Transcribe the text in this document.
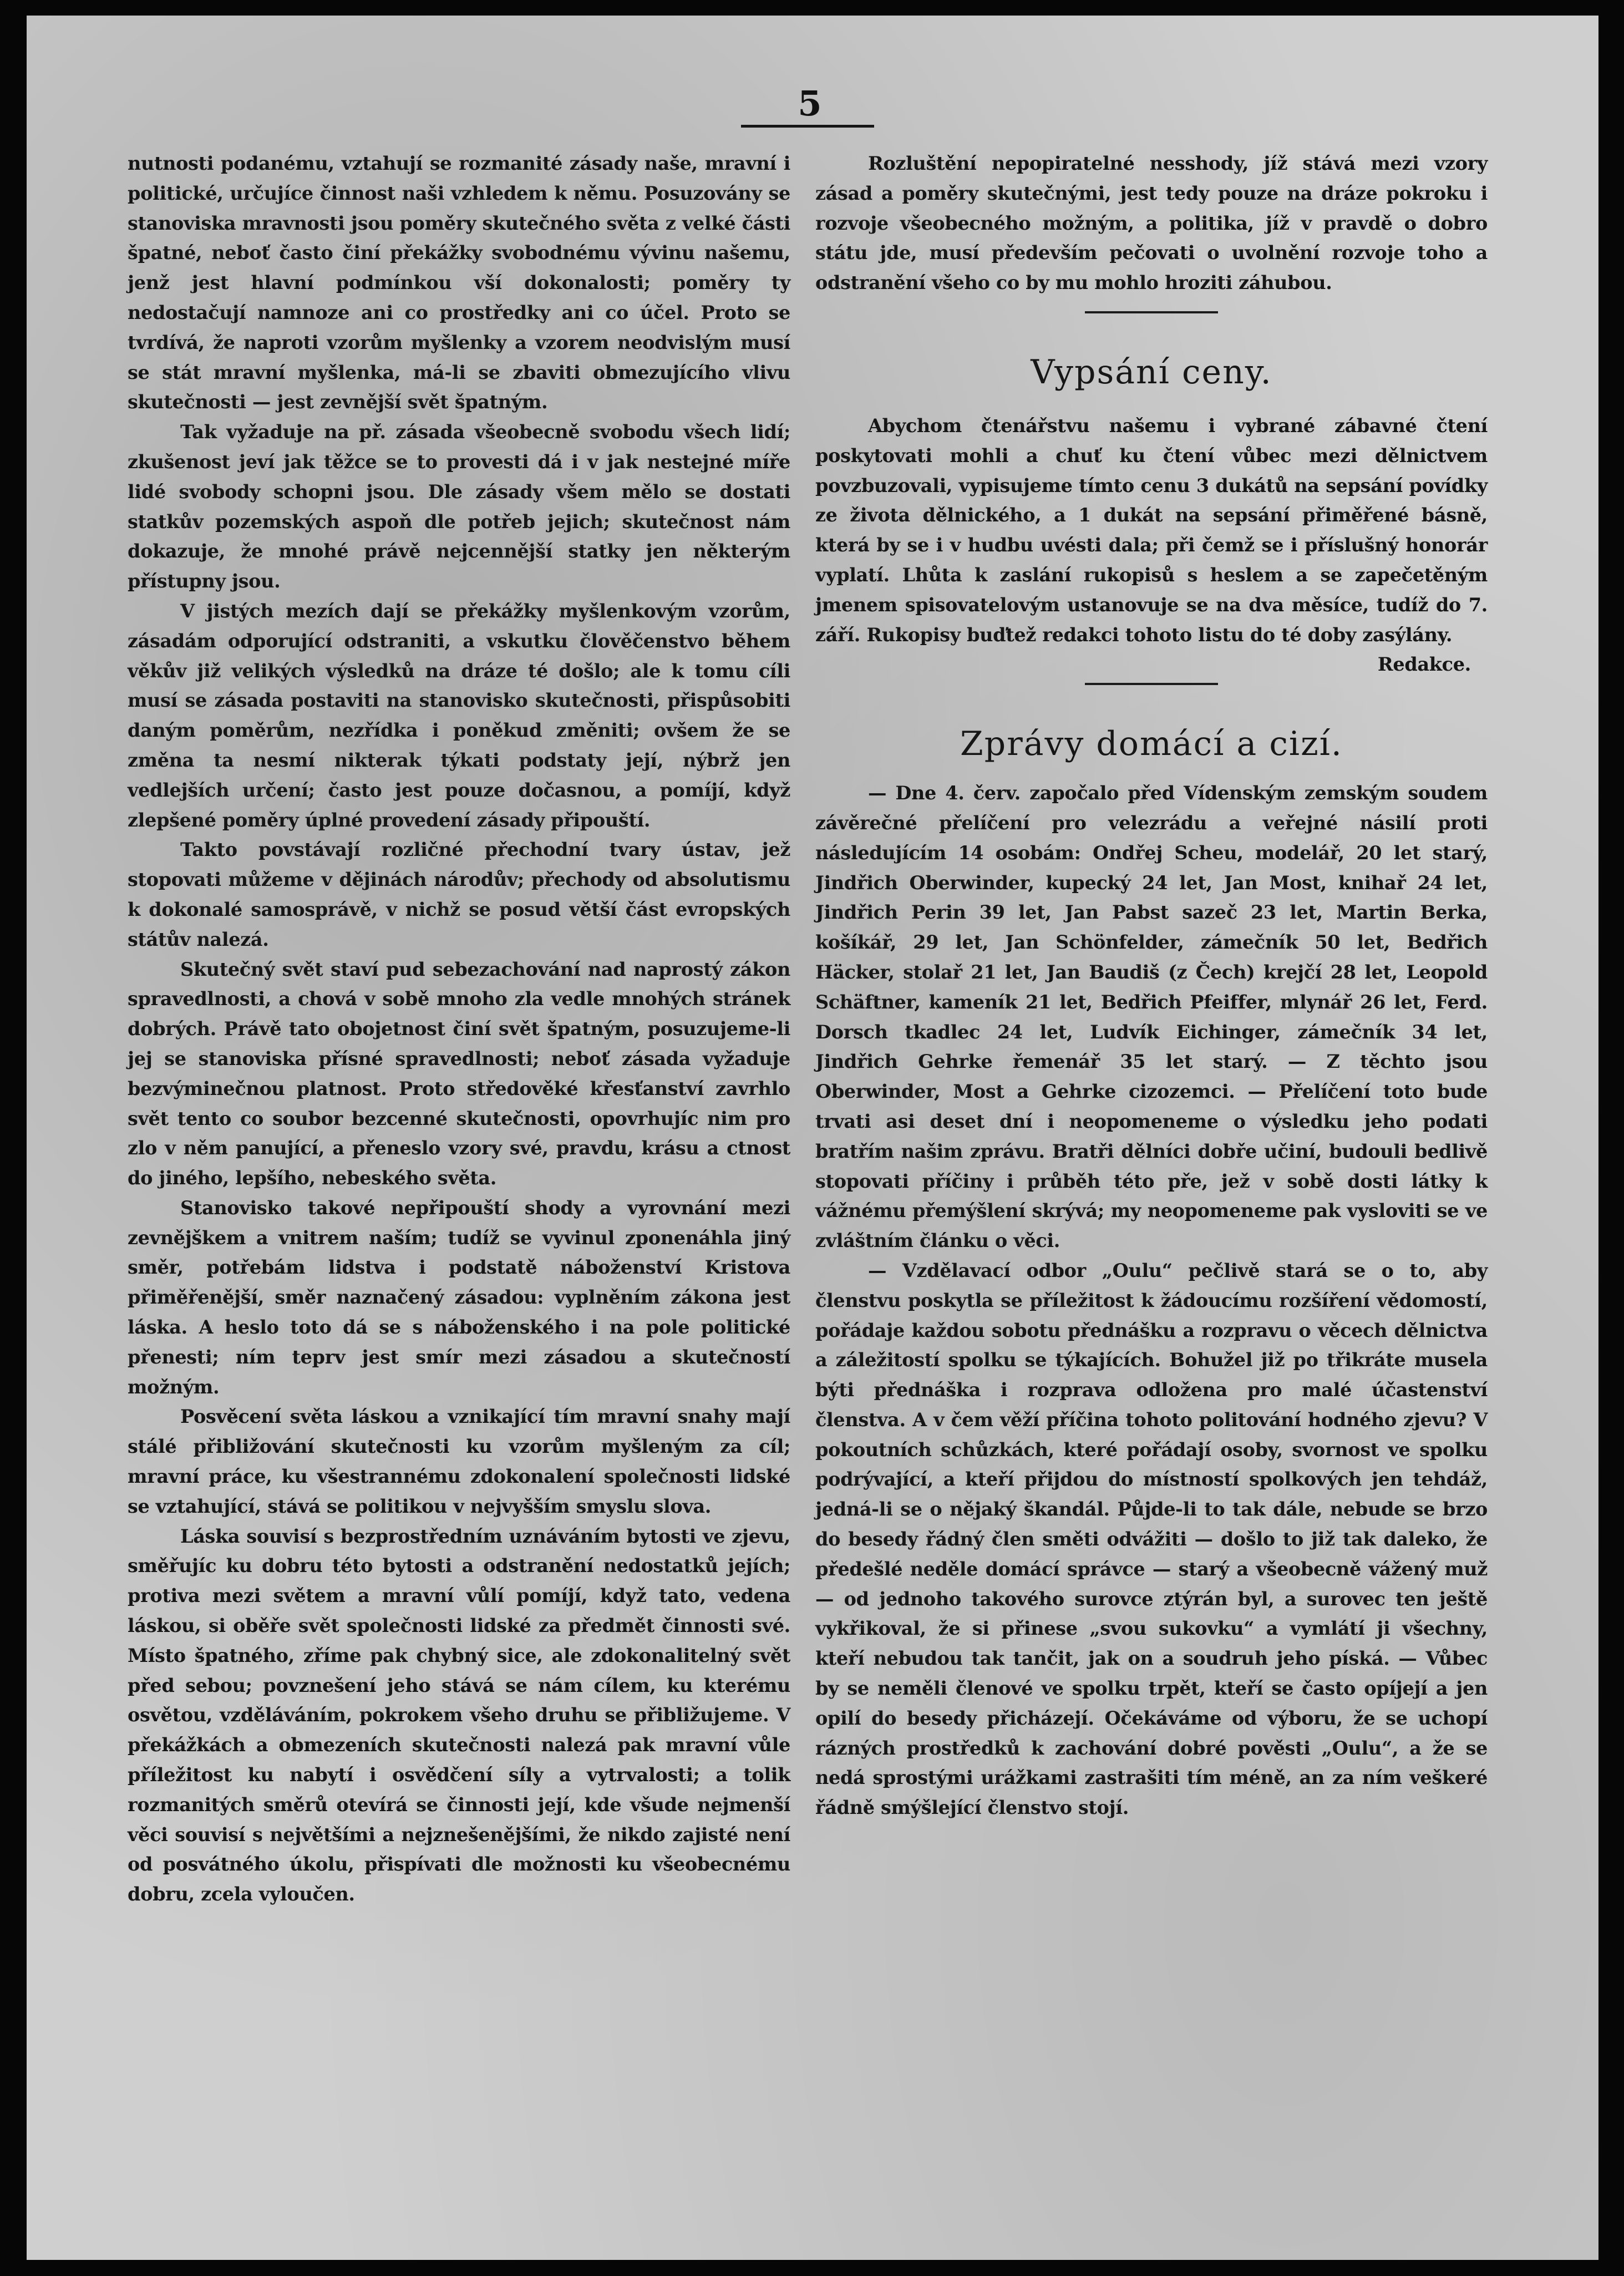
5

nutnosti podanému, vztahují se rozmanité zásady naše, mravní i politické, určujíce činnost naši vzhledem k němu. Posuzovány se stanoviska mravnosti jsou poměry skutečného světa z velké části špatné, neboť často činí překážky svobodnému vývinu našemu, jenž jest hlavní podmínkou vší dokonalosti; poměry ty nedostačují namnoze ani co prostředky ani co účel. Proto se tvrdívá, že naproti vzorům myšlenky a vzorem neodvislým musí se stát mravní myšlenka, má-li se zbaviti obmezujícího vlivu skutečnosti — jest zevnější svět špatným.

Tak vyžaduje na př. zásada všeobecně svobodu všech lidí; zkušenost jeví jak těžce se to provesti dá i v jak nestejné míře lidé svobody schopni jsou. Dle zásady všem mělo se dostati statkův pozemských aspoň dle potřeb jejich; skutečnost nám dokazuje, že mnohé právě nejcennější statky jen některým přístupny jsou.

V jistých mezích dají se překážky myšlenkovým vzorům, zásadám odporující odstraniti, a vskutku člověčenstvo během věkův již velikých výsledků na dráze té došlo; ale k tomu cíli musí se zásada postaviti na stanovisko skutečnosti, přispůsobiti daným poměrům, nezřídka i poněkud změniti; ovšem že se změna ta nesmí nikterak týkati podstaty její, nýbrž jen vedlejších určení; často jest pouze dočasnou, a pomíjí, když zlepšené poměry úplné provedení zásady připouští.

Takto povstávají rozličné přechodní tvary ústav, jež stopovati můžeme v dějinách národův; přechody od absolutismu k dokonalé samosprávě, v nichž se posud větší část evropských státův nalezá.

Skutečný svět staví pud sebezachování nad naprostý zákon spravedlnosti, a chová v sobě mnoho zla vedle mnohých stránek dobrých. Právě tato obojetnost činí svět špatným, posuzujeme-li jej se stanoviska přísné spravedlnosti; neboť zásada vyžaduje bezvýminečnou platnost. Proto středověké křesťanství zavrhlo svět tento co soubor bezcenné skutečnosti, opovrhujíc nim pro zlo v něm panující, a přeneslo vzory své, pravdu, krásu a ctnost do jiného, lepšího, nebeského světa.

Stanovisko takové nepřipouští shody a vyrovnání mezi zevnějškem a vnitrem naším; tudíž se vyvinul zponenáhla jiný směr, potřebám lidstva i podstatě náboženství Kristova přiměřenější, směr naznačený zásadou: vyplněním zákona jest láska. A heslo toto dá se s náboženského i na pole politické přenesti; ním teprv jest smír mezi zásadou a skutečností možným.

Posvěcení světa láskou a vznikající tím mravní snahy mají stálé přibližování skutečnosti ku vzorům myšleným za cíl; mravní práce, ku všestrannému zdokonalení společnosti lidské se vztahující, stává se politikou v nejvyšším smyslu slova.

Láska souvisí s bezprostředním uznáváním bytosti ve zjevu, směřujíc ku dobru této bytosti a odstranění nedostatků jejích; protiva mezi světem a mravní vůlí pomíjí, když tato, vedena láskou, si oběře svět společnosti lidské za předmět činnosti své. Místo špatného, zříme pak chybný sice, ale zdokonalitelný svět před sebou; povznešení jeho stává se nám cílem, ku kterému osvětou, vzděláváním, pokrokem všeho druhu se přibližujeme. V překážkách a obmezeních skutečnosti nalezá pak mravní vůle příležitost ku nabytí i osvědčení síly a vytrvalosti; a tolik rozmanitých směrů otevírá se činnosti její, kde všude nejmenší věci souvisí s největšími a nejznešenějšími, že nikdo zajisté není od posvátného úkolu, přispívati dle možnosti ku všeobecnému dobru, zcela vyloučen.

Rozluštění nepopiratelné nesshody, jíž stává mezi vzory zásad a poměry skutečnými, jest tedy pouze na dráze pokroku i rozvoje všeobecného možným, a politika, jíž v pravdě o dobro státu jde, musí především pečovati o uvolnění rozvoje toho a odstranění všeho co by mu mohlo hroziti záhubou.

Vypsání ceny.

Abychom čtenářstvu našemu i vybrané zábavné čtení poskytovati mohli a chuť ku čtení vůbec mezi dělnictvem povzbuzovali, vypisujeme tímto cenu 3 dukátů na sepsání povídky ze života dělnického, a 1 dukát na sepsání přiměřené básně, která by se i v hudbu uvésti dala; při čemž se i příslušný honorár vyplatí. Lhůta k zaslání rukopisů s heslem a se zapečetěným jmenem spisovatelovým ustanovuje se na dva měsíce, tudíž do 7. září. Rukopisy buďtež redakci tohoto listu do té doby zasýlány.

Redakce.

Zprávy domácí a cizí.

— Dne 4. červ. započalo před Vídenským zemským soudem závěrečné přelíčení pro velezrádu a veřejné násilí proti následujícím 14 osobám: Ondřej Scheu, modelář, 20 let starý, Jindřich Oberwinder, kupecký 24 let, Jan Most, knihař 24 let, Jindřich Perin 39 let, Jan Pabst sazeč 23 let, Martin Berka, košíkář, 29 let, Jan Schönfelder, zámečník 50 let, Bedřich Häcker, stolař 21 let, Jan Baudiš (z Čech) krejčí 28 let, Leopold Schäftner, kameník 21 let, Bedřich Pfeiffer, mlynář 26 let, Ferd. Dorsch tkadlec 24 let, Ludvík Eichinger, zámečník 34 let, Jindřich Gehrke řemenář 35 let starý. — Z těchto jsou Oberwinder, Most a Gehrke cizozemci. — Přelíčení toto bude trvati asi deset dní i neopomeneme o výsledku jeho podati bratřím našim zprávu. Bratři dělníci dobře učiní, budouli bedlivě stopovati příčiny i průběh této pře, jež v sobě dosti látky k vážnému přemýšlení skrývá; my neopomeneme pak vysloviti se ve zvláštním článku o věci.

— Vzdělavací odbor „Oulu“ pečlivě stará se o to, aby členstvu poskytla se příležitost k žádoucímu rozšíření vědomostí, pořádaje každou sobotu přednášku a rozpravu o věcech dělnictva a záležitostí spolku se týkajících. Bohužel již po třikráte musela býti přednáška i rozprava odložena pro malé účastenství členstva. A v čem věží příčina tohoto politování hodného zjevu? V pokoutních schůzkách, které pořádají osoby, svornost ve spolku podrývající, a kteří přijdou do místností spolkových jen tehdáž, jedná-li se o nějaký škandál. Půjde-li to tak dále, nebude se brzo do besedy řádný člen směti odvážiti — došlo to již tak daleko, že předešlé neděle domácí správce — starý a všeobecně vážený muž — od jednoho takového surovce ztýrán byl, a surovec ten ještě vykřikoval, že si přinese „svou sukovku“ a vymlátí ji všechny, kteří nebudou tak tančit, jak on a soudruh jeho píská. — Vůbec by se neměli členové ve spolku trpět, kteří se často opíjejí a jen opilí do besedy přicházejí. Očekáváme od výboru, že se uchopí rázných prostředků k zachování dobré pověsti „Oulu“, a že se nedá sprostými urážkami zastrašiti tím méně, an za ním veškeré řádně smýšlející členstvo stojí.
